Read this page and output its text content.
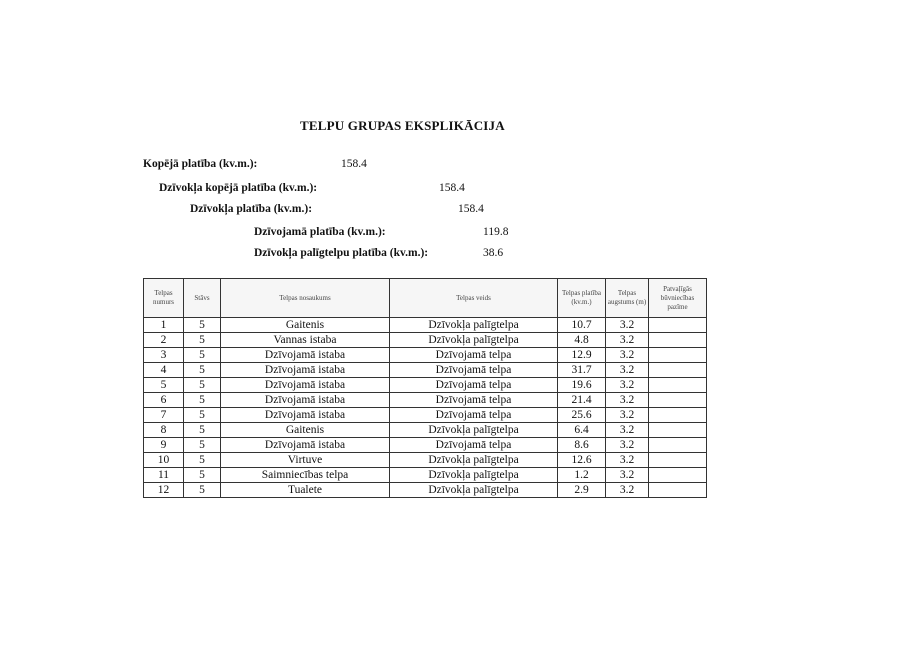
TELPU GRUPAS EKSPLIKĀCIJA
Kopējā platība (kv.m.):	158.4
Dzīvokļa kopējā platība (kv.m.):	158.4
Dzīvokļa platība (kv.m.):	158.4
Dzīvojamā platība (kv.m.):	119.8
Dzīvokļa palīgtelpu platība (kv.m.):	38.6
Telpas numurs	Stāvs	Telpas nosaukums	Telpas veids	Telpas platība (kv.m.)	Telpas augstums (m)	Patvaļīgās būvniecības pazīme
1	5	Gaitenis	Dzīvokļa palīgtelpa	10.7	3.2	
2	5	Vannas istaba	Dzīvokļa palīgtelpa	4.8	3.2	
3	5	Dzīvojamā istaba	Dzīvojamā telpa	12.9	3.2	
4	5	Dzīvojamā istaba	Dzīvojamā telpa	31.7	3.2	
5	5	Dzīvojamā istaba	Dzīvojamā telpa	19.6	3.2	
6	5	Dzīvojamā istaba	Dzīvojamā telpa	21.4	3.2	
7	5	Dzīvojamā istaba	Dzīvojamā telpa	25.6	3.2	
8	5	Gaitenis	Dzīvokļa palīgtelpa	6.4	3.2	
9	5	Dzīvojamā istaba	Dzīvojamā telpa	8.6	3.2	
10	5	Virtuve	Dzīvokļa palīgtelpa	12.6	3.2	
11	5	Saimniecības telpa	Dzīvokļa palīgtelpa	1.2	3.2	
12	5	Tualete	Dzīvokļa palīgtelpa	2.9	3.2	
